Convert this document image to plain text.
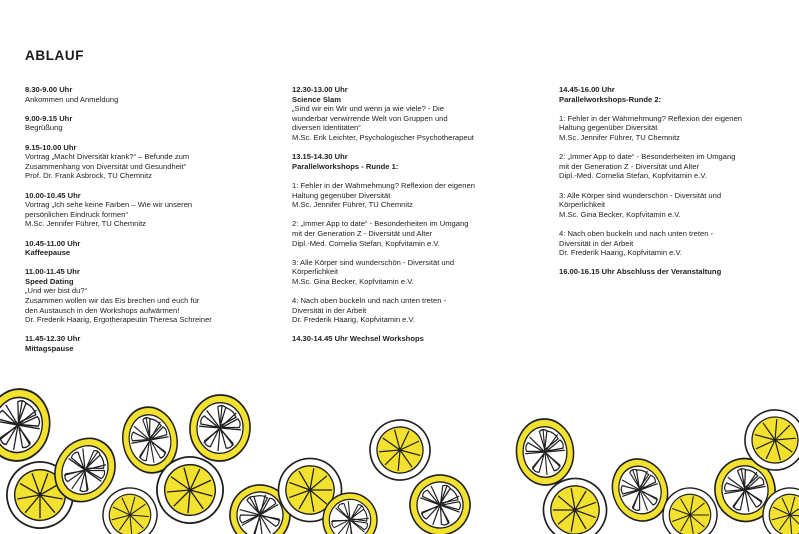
ABLAUF
8.30-9.00 Uhr
Ankommen und Anmeldung
9.00-9.15 Uhr
Begrüßung
9.15-10.00 Uhr
Vortrag „Macht Diversität krank?“ – Befunde zum
Zusammenhang von Diversität und Gesundheit“
Prof. Dr. Frank Asbrock, TU Chemnitz
10.00-10.45 Uhr
Vortrag „Ich sehe keine Farben – Wie wir unseren
persönlichen Eindruck formen“
M.Sc. Jennifer Führer, TU Chemnitz
10.45-11.00 Uhr
Kaffeepause
11.00-11.45 Uhr
Speed Dating
„Und wer bist du?“
Zusammen wollen wir das Eis brechen und euch für
den Austausch in den Workshops aufwärmen!
Dr. Frederik Haarig, Ergotherapeutin Theresa Schreiner
11.45-12.30 Uhr
Mittagspause
12.30-13.00 Uhr
Science Slam
„Sind wir ein Wir und wenn ja wie viele? - Die
wunderbar verwirrende Welt von Gruppen und
diversen Identitäten“
M.Sc. Erik Leichter, Psychologischer Psychotherapeut
13.15-14.30 Uhr
Parallelworkshops - Runde 1:
1: Fehler in der Wahrnehmung? Reflexion der eigenen
Haltung gegenüber Diversität
M.Sc. Jennifer Führer, TU Chemnitz
2: „Immer App to date“ - Besonderheiten im Umgang
mit der Generation Z - Diversität und Alter
Dipl.-Med. Cornelia Stefan, Kopfvitamin e.V.
3: Alle Körper sind wunderschön - Diversität und
Körperlichkeit
M.Sc. Gina Becker, Kopfvitamin e.V.
4: Nach oben buckeln und nach unten treten -
Diversität in der Arbeit
Dr. Frederik Haarig, Kopfvitamin e.V.
14.30-14.45 Uhr Wechsel Workshops
14.45-16.00 Uhr
Parallelworkshops-Runde 2:
1: Fehler in der Wahrnehmung? Reflexion der eigenen
Haltung gegenüber Diversität
M.Sc. Jennifer Führer, TU Chemnitz
2: „Immer App to date“ - Besonderheiten im Umgang
mit der Generation Z - Diversität und Alter
Dipl.-Med. Cornelia Stefan, Kopfvitamin e.V.
3: Alle Körper sind wunderschön - Diversität und
Körperlichkeit
M.Sc. Gina Becker, Kopfvitamin e.V.
4: Nach oben buckeln und nach unten treten -
Diversität in der Arbeit
Dr. Frederik Haarig, Kopfvitamin e.V.
16.00-16.15 Uhr Abschluss der Veranstaltung
